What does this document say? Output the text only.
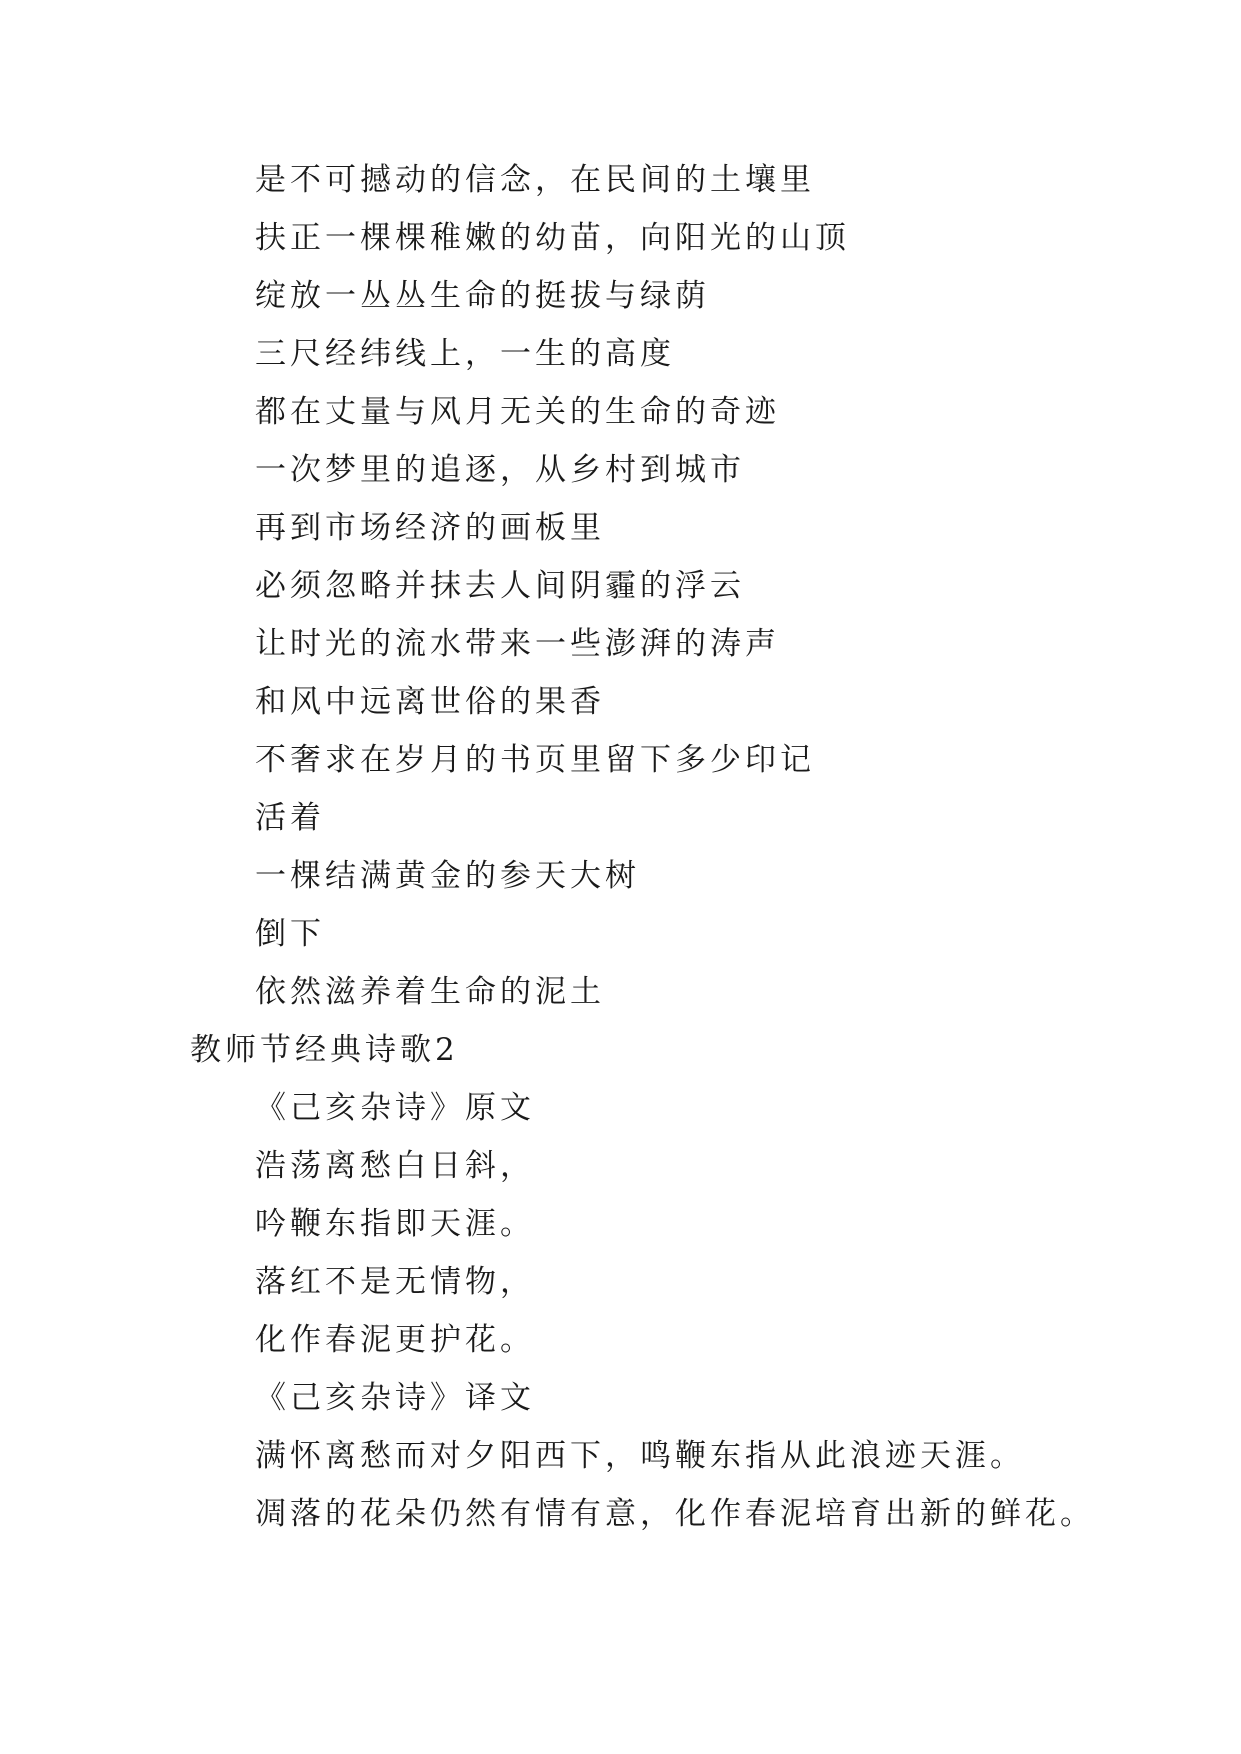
是不可撼动的信念，在民间的土壤里
扶正一棵棵稚嫩的幼苗，向阳光的山顶
绽放一丛丛生命的挺拔与绿荫
三尺经纬线上，一生的高度
都在丈量与风月无关的生命的奇迹
一次梦里的追逐，从乡村到城市
再到市场经济的画板里
必须忽略并抹去人间阴霾的浮云
让时光的流水带来一些澎湃的涛声
和风中远离世俗的果香
不奢求在岁月的书页里留下多少印记
活着
一棵结满黄金的参天大树
倒下
依然滋养着生命的泥土
教师节经典诗歌2
《己亥杂诗》原文
浩荡离愁白日斜，
吟鞭东指即天涯。
落红不是无情物，
化作春泥更护花。
《己亥杂诗》译文
满怀离愁而对夕阳西下，鸣鞭东指从此浪迹天涯。
凋落的花朵仍然有情有意，化作春泥培育出新的鲜花。
